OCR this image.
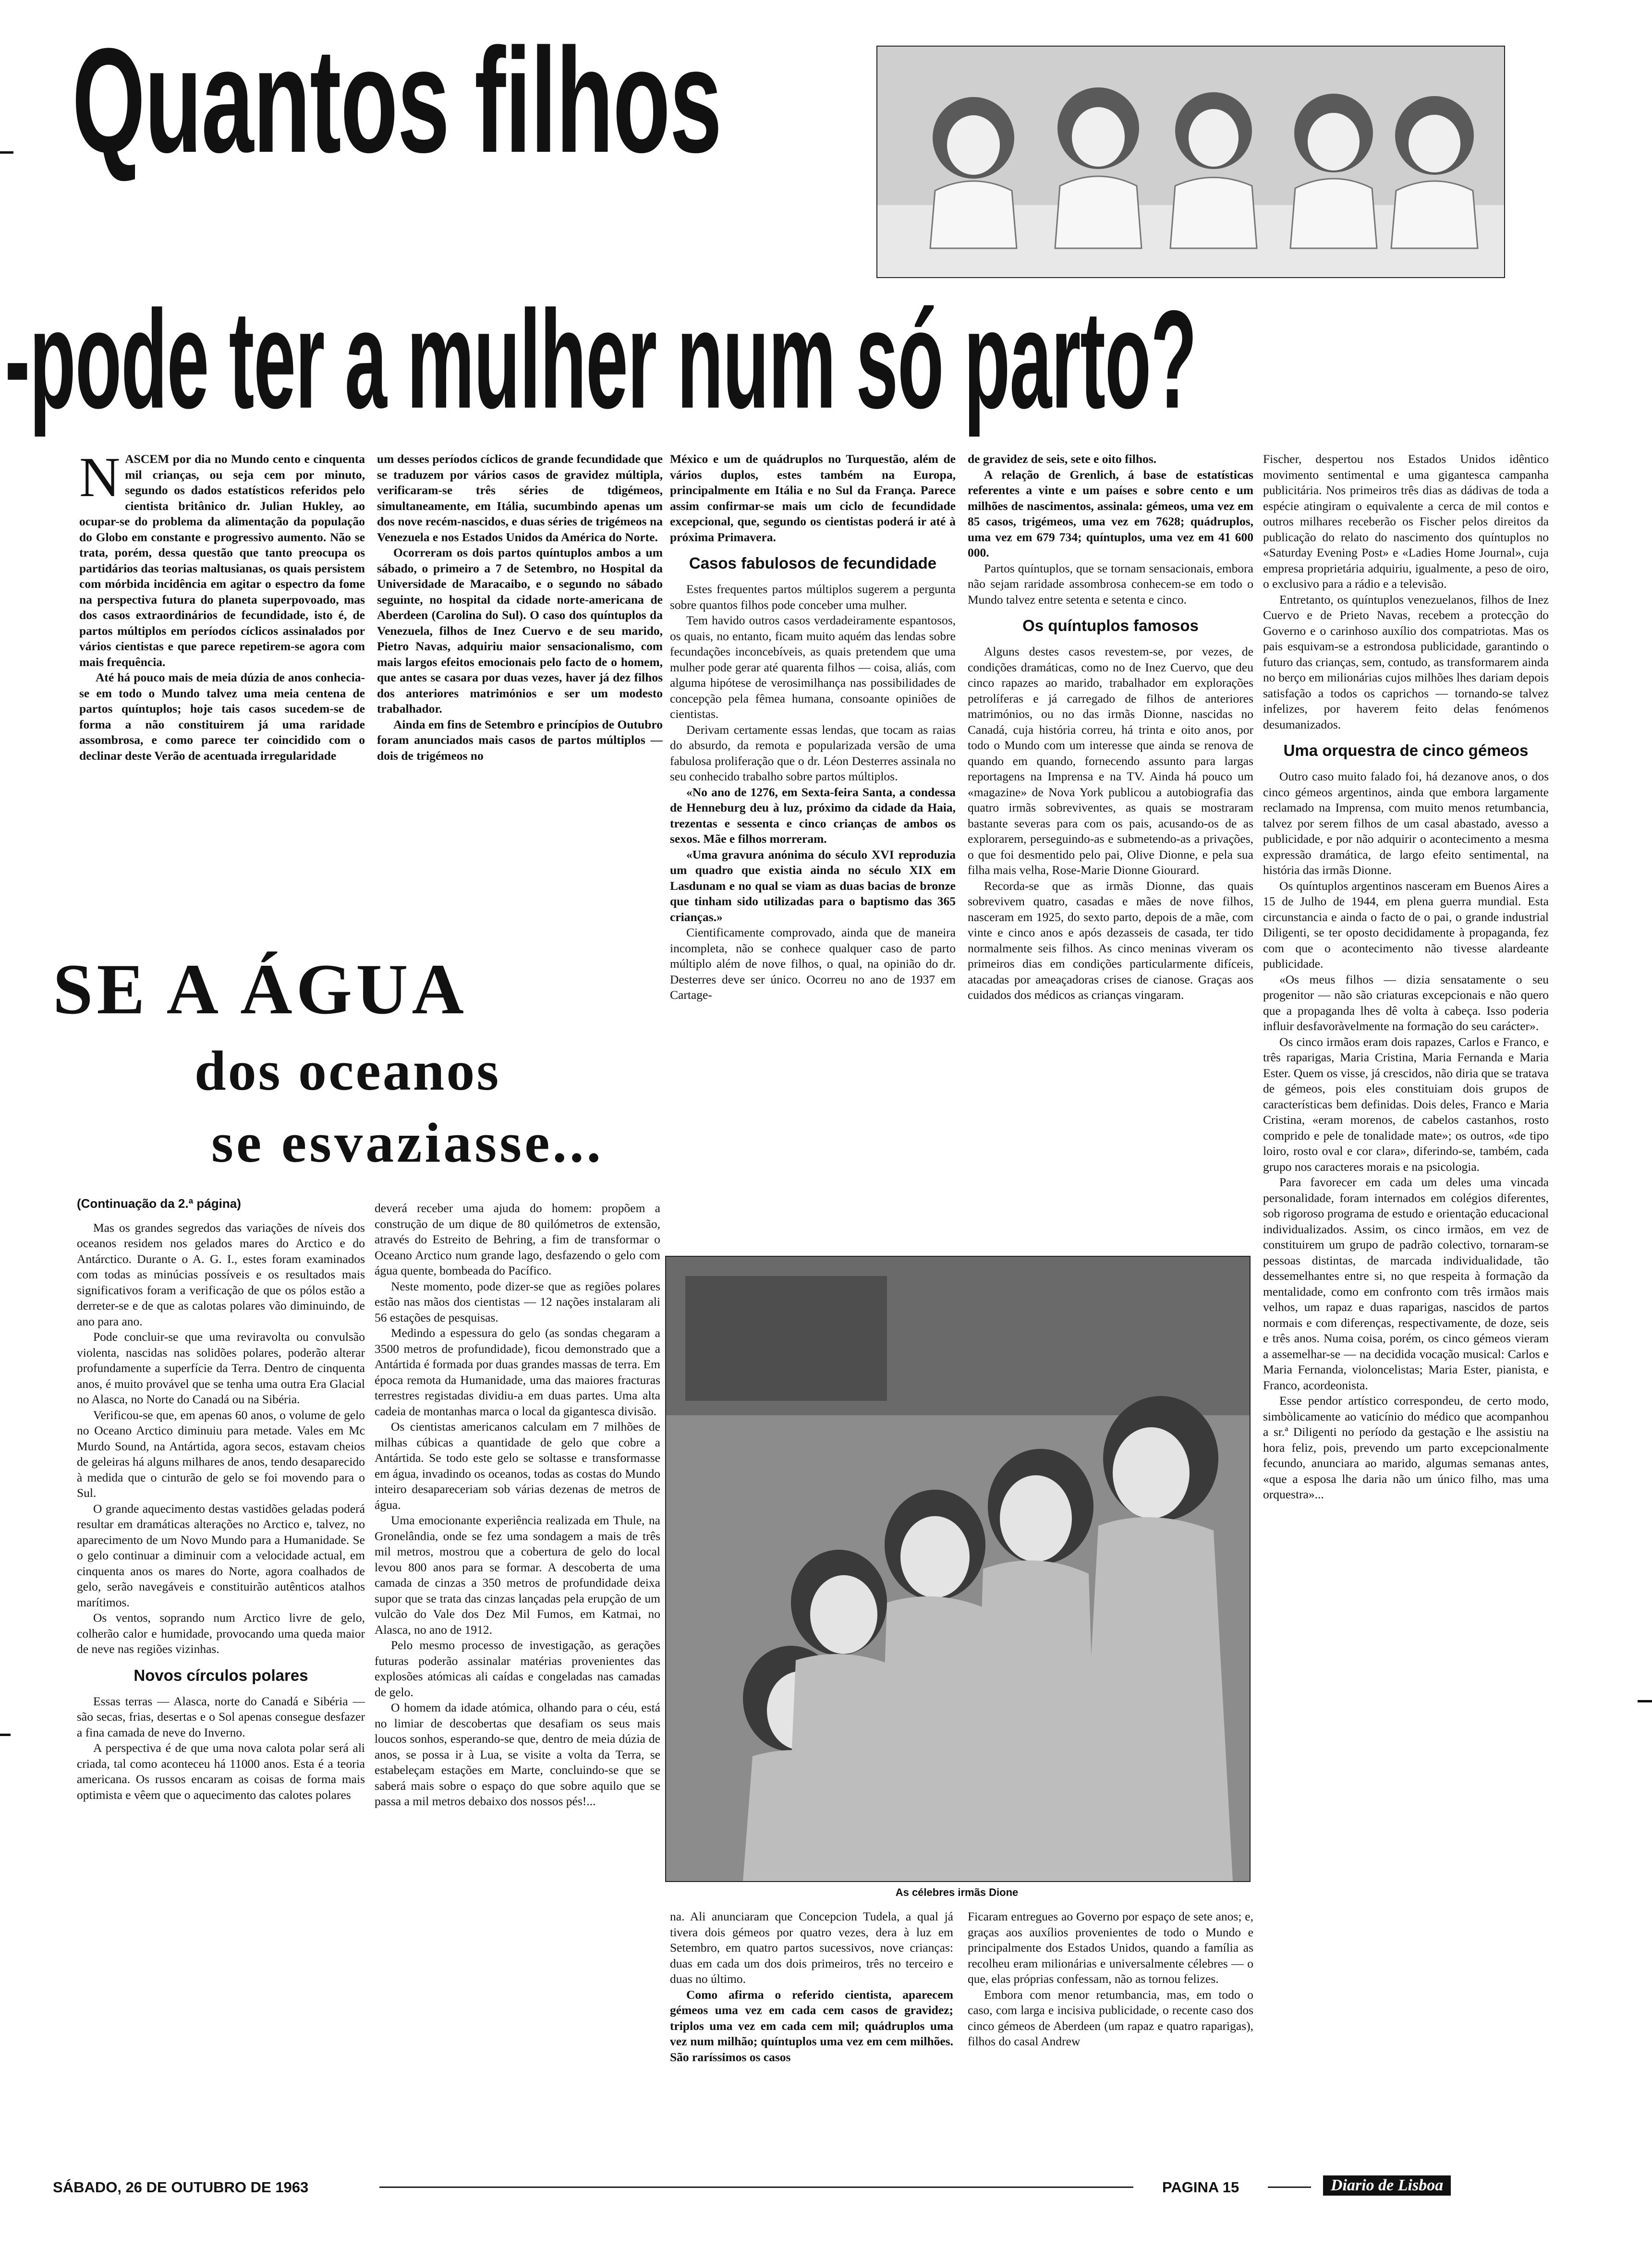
Quantos filhos
-pode ter a mulher num só parto?
N ASCEM por dia no Mundo cento e cinquenta mil crianças, ou seja cem por minuto, segundo os dados estatísticos referidos pelo cientista britânico dr. Julian Hukley, ao ocupar-se do problema da alimentação da população do Globo em constante e progressivo aumento. Não se trata, porém, dessa questão que tanto preocupa os partidários das teorias maltusianas, os quais persistem com mórbida incidência em agitar o espectro da fome na perspectiva futura do planeta superpovoado, mas dos casos extraordinários de fecundidade, isto é, de partos múltiplos em períodos cíclicos assinalados por vários cientistas e que parece repetirem-se agora com mais frequência.

Até há pouco mais de meia dúzia de anos conhecia-se em todo o Mundo talvez uma meia centena de partos quíntuplos; hoje tais casos sucedem-se de forma a não constituirem já uma raridade assombrosa, e como parece ter coincidido com o declinar deste Verão de acentuada irregularidade

um desses períodos cíclicos de grande fecundidade que se traduzem por vários casos de gravidez múltipla, verificaram-se três séries de tdigémeos, simultaneamente, em Itália, sucumbindo apenas um dos nove recém-nascidos, e duas séries de trigémeos na Venezuela e nos Estados Unidos da América do Norte.

Ocorreram os dois partos quíntuplos ambos a um sábado, o primeiro a 7 de Setembro, no Hospital da Universidade de Maracaibo, e o segundo no sábado seguinte, no hospital da cidade norte-americana de Aberdeen (Carolina do Sul). O caso dos quíntuplos da Venezuela, filhos de Inez Cuervo e de seu marido, Pietro Navas, adquiriu maior sensacionalismo, com mais largos efeitos emocionais pelo facto de o homem, que antes se casara por duas vezes, haver já dez filhos dos anteriores matrimónios e ser um modesto trabalhador.

Ainda em fins de Setembro e princípios de Outubro foram anunciados mais casos de partos múltiplos — dois de trigémeos no

México e um de quádruplos no Turquestão, além de vários duplos, estes também na Europa, principalmente em Itália e no Sul da França. Parece assim confirmar-se mais um ciclo de fecundidade excepcional, que, segundo os cientistas poderá ir até à próxima Primavera.

Casos fabulosos de fecundidade

Estes frequentes partos múltiplos sugerem a pergunta sobre quantos filhos pode conceber uma mulher.

Tem havido outros casos verdadeiramente espantosos, os quais, no entanto, ficam muito aquém das lendas sobre fecundações inconcebíveis, as quais pretendem que uma mulher pode gerar até quarenta filhos — coisa, aliás, com alguma hipótese de verosimilhança nas possibilidades de concepção pela fêmea humana, consoante opiniões de cientistas.

Derivam certamente essas lendas, que tocam as raias do absurdo, da remota e popularizada versão de uma fabulosa proliferação que o dr. Léon Desterres assinala no seu conhecido trabalho sobre partos múltiplos.

«No ano de 1276, em Sexta-feira Santa, a condessa de Henneburg deu à luz, próximo da cidade da Haia, trezentas e sessenta e cinco crianças de ambos os sexos. Mãe e filhos morreram.

«Uma gravura anónima do século XVI reproduzia um quadro que existia ainda no século XIX em Lasdunam e no qual se viam as duas bacias de bronze que tinham sido utilizadas para o baptismo das 365 crianças.»

Cientificamente comprovado, ainda que de maneira incompleta, não se conhece qualquer caso de parto múltiplo além de nove filhos, o qual, na opinião do dr. Desterres deve ser único. Ocorreu no ano de 1937 em Cartage-

de gravidez de seis, sete e oito filhos.

A relação de Grenlich, á base de estatísticas referentes a vinte e um países e sobre cento e um milhões de nascimentos, assinala: gémeos, uma vez em 85 casos, trigémeos, uma vez em 7628; quádruplos, uma vez em 679 734; quíntuplos, uma vez em 41 600 000.

Partos quíntuplos, que se tornam sensacionais, embora não sejam raridade assombrosa conhecem-se em todo o Mundo talvez entre setenta e setenta e cinco.

Os quíntuplos famosos

Alguns destes casos revestem-se, por vezes, de condições dramáticas, como no de Inez Cuervo, que deu cinco rapazes ao marido, trabalhador em explorações petrolíferas e já carregado de filhos de anteriores matrimónios, ou no das irmãs Dionne, nascidas no Canadá, cuja história correu, há trinta e oito anos, por todo o Mundo com um interesse que ainda se renova de quando em quando, fornecendo assunto para largas reportagens na Imprensa e na TV. Ainda há pouco um «magazine» de Nova York publicou a autobiografia das quatro irmãs sobreviventes, as quais se mostraram bastante severas para com os pais, acusando-os de as explorarem, perseguindo-as e submetendo-as a privações, o que foi desmentido pelo pai, Olive Dionne, e pela sua filha mais velha, Rose-Marie Dionne Giourard.

Recorda-se que as irmãs Dionne, das quais sobrevivem quatro, casadas e mães de nove filhos, nasceram em 1925, do sexto parto, depois de a mãe, com vinte e cinco anos e após dezasseis de casada, ter tido normalmente seis filhos. As cinco meninas viveram os primeiros dias em condições particularmente difíceis, atacadas por ameaçadoras crises de cianose. Graças aos cuidados dos médicos as crianças vingaram.

Fischer, despertou nos Estados Unidos idêntico movimento sentimental e uma gigantesca campanha publicitária. Nos primeiros três dias as dádivas de toda a espécie atingiram o equivalente a cerca de mil contos e outros milhares receberão os Fischer pelos direitos da publicação do relato do nascimento dos quíntuplos no «Saturday Evening Post» e «Ladies Home Journal», cuja empresa proprietária adquiriu, igualmente, a peso de oiro, o exclusivo para a rádio e a televisão.

Entretanto, os quíntuplos venezuelanos, filhos de Inez Cuervo e de Prieto Navas, recebem a protecção do Governo e o carinhoso auxílio dos compatriotas. Mas os pais esquivam-se a estrondosa publicidade, garantindo o futuro das crianças, sem, contudo, as transformarem ainda no berço em milionárias cujos milhões lhes dariam depois satisfação a todos os caprichos — tornando-se talvez infelizes, por haverem feito delas fenómenos desumanizados.

Uma orquestra de cinco gémeos

Outro caso muito falado foi, há dezanove anos, o dos cinco gémeos argentinos, ainda que embora largamente reclamado na Imprensa, com muito menos retumbancia, talvez por serem filhos de um casal abastado, avesso a publicidade, e por não adquirir o acontecimento a mesma expressão dramática, de largo efeito sentimental, na história das irmãs Dionne.

Os quíntuplos argentinos nasceram em Buenos Aires a 15 de Julho de 1944, em plena guerra mundial. Esta circunstancia e ainda o facto de o pai, o grande industrial Diligenti, se ter oposto decididamente à propaganda, fez com que o acontecimento não tivesse alardeante publicidade.

«Os meus filhos — dizia sensatamente o seu progenitor — não são criaturas excepcionais e não quero que a propaganda lhes dê volta à cabeça. Isso poderia influir desfavoràvelmente na formação do seu carácter».

Os cinco irmãos eram dois rapazes, Carlos e Franco, e três raparigas, Maria Cristina, Maria Fernanda e Maria Ester. Quem os visse, já crescidos, não diria que se tratava de gémeos, pois eles constituiam dois grupos de características bem definidas. Dois deles, Franco e Maria Cristina, «eram morenos, de cabelos castanhos, rosto comprido e pele de tonalidade mate»; os outros, «de tipo loiro, rosto oval e cor clara», diferindo-se, também, cada grupo nos caracteres morais e na psicologia.

Para favorecer em cada um deles uma vincada personalidade, foram internados em colégios diferentes, sob rigoroso programa de estudo e orientação educacional individualizados. Assim, os cinco irmãos, em vez de constituirem um grupo de padrão colectivo, tornaram-se pessoas distintas, de marcada individualidade, tão dessemelhantes entre si, no que respeita à formação da mentalidade, como em confronto com três irmãos mais velhos, um rapaz e duas raparigas, nascidos de partos normais e com diferenças, respectivamente, de doze, seis e três anos. Numa coisa, porém, os cinco gémeos vieram a assemelhar-se — na decidida vocação musical: Carlos e Maria Fernanda, violoncelistas; Maria Ester, pianista, e Franco, acordeonista.

Esse pendor artístico correspondeu, de certo modo, simbòlicamente ao vaticínio do médico que acompanhou a sr.ª Diligenti no período da gestação e lhe assistiu na hora feliz, pois, prevendo um parto excepcionalmente fecundo, anunciara ao marido, algumas semanas antes, «que a esposa lhe daria não um único filho, mas uma orquestra»...

SE A ÁGUA
dos oceanos
se esvaziasse...
(Continuação da 2.ª página)

Mas os grandes segredos das variações de níveis dos oceanos residem nos gelados mares do Arctico e do Antárctico. Durante o A. G. I., estes foram examinados com todas as minúcias possíveis e os resultados mais significativos foram a verificação de que os pólos estão a derreter-se e de que as calotas polares vão diminuindo, de ano para ano.

Pode concluir-se que uma reviravolta ou convulsão violenta, nascidas nas solidões polares, poderão alterar profundamente a superfície da Terra. Dentro de cinquenta anos, é muito provável que se tenha uma outra Era Glacial no Alasca, no Norte do Canadá ou na Sibéria.

Verificou-se que, em apenas 60 anos, o volume de gelo no Oceano Arctico diminuiu para metade. Vales em Mc Murdo Sound, na Antártida, agora secos, estavam cheios de geleiras há alguns milhares de anos, tendo desaparecido à medida que o cinturão de gelo se foi movendo para o Sul.

O grande aquecimento destas vastidões geladas poderá resultar em dramáticas alterações no Arctico e, talvez, no aparecimento de um Novo Mundo para a Humanidade. Se o gelo continuar a diminuir com a velocidade actual, em cinquenta anos os mares do Norte, agora coalhados de gelo, serão navegáveis e constituirão autênticos atalhos marítimos.

Os ventos, soprando num Arctico livre de gelo, colherão calor e humidade, provocando uma queda maior de neve nas regiões vizinhas.

Novos círculos polares

Essas terras — Alasca, norte do Canadá e Sibéria — são secas, frias, desertas e o Sol apenas consegue desfazer a fina camada de neve do Inverno.

A perspectiva é de que uma nova calota polar será ali criada, tal como aconteceu há 11000 anos. Esta é a teoria americana. Os russos encaram as coisas de forma mais optimista e vêem que o aquecimento das calotes polares

deverá receber uma ajuda do homem: propõem a construção de um dique de 80 quilómetros de extensão, através do Estreito de Behring, a fim de transformar o Oceano Arctico num grande lago, desfazendo o gelo com água quente, bombeada do Pacífico.

Neste momento, pode dizer-se que as regiões polares estão nas mãos dos cientistas — 12 nações instalaram ali 56 estações de pesquisas.

Medindo a espessura do gelo (as sondas chegaram a 3500 metros de profundidade), ficou demonstrado que a Antártida é formada por duas grandes massas de terra. Em época remota da Humanidade, uma das maiores fracturas terrestres registadas dividiu-a em duas partes. Uma alta cadeia de montanhas marca o local da gigantesca divisão.

Os cientistas americanos calculam em 7 milhões de milhas cúbicas a quantidade de gelo que cobre a Antártida. Se todo este gelo se soltasse e transformasse em água, invadindo os oceanos, todas as costas do Mundo inteiro desapareceriam sob várias dezenas de metros de água.

Uma emocionante experiência realizada em Thule, na Gronelândia, onde se fez uma sondagem a mais de três mil metros, mostrou que a cobertura de gelo do local levou 800 anos para se formar. A descoberta de uma camada de cinzas a 350 metros de profundidade deixa supor que se trata das cinzas lançadas pela erupção de um vulcão do Vale dos Dez Mil Fumos, em Katmai, no Alasca, no ano de 1912.

Pelo mesmo processo de investigação, as gerações futuras poderão assinalar matérias provenientes das explosões atómicas ali caídas e congeladas nas camadas de gelo.

O homem da idade atómica, olhando para o céu, está no limiar de descobertas que desafiam os seus mais loucos sonhos, esperando-se que, dentro de meia dúzia de anos, se possa ir à Lua, se visite a volta da Terra, se estabeleçam estações em Marte, concluindo-se que se saberá mais sobre o espaço do que sobre aquilo que se passa a mil metros debaixo dos nossos pés!...

As célebres irmãs Dione

na. Ali anunciaram que Concepcion Tudela, a qual já tivera dois gémeos por quatro vezes, dera à luz em Setembro, em quatro partos sucessivos, nove crianças: duas em cada um dos dois primeiros, três no terceiro e duas no último.

Como afirma o referido cientista, aparecem gémeos uma vez em cada cem casos de gravidez; triplos uma vez em cada cem mil; quádruplos uma vez num milhão; quíntuplos uma vez em cem milhões. São raríssimos os casos

Ficaram entregues ao Governo por espaço de sete anos; e, graças aos auxílios provenientes de todo o Mundo e principalmente dos Estados Unidos, quando a família as recolheu eram milionárias e universalmente célebres — o que, elas próprias confessam, não as tornou felizes.

Embora com menor retumbancia, mas, em todo o caso, com larga e incisiva publicidade, o recente caso dos cinco gémeos de Aberdeen (um rapaz e quatro raparigas), filhos do casal Andrew

SÁBADO, 26 DE OUTUBRO DE 1963	PAGINA 15	Diario de Lisboa
